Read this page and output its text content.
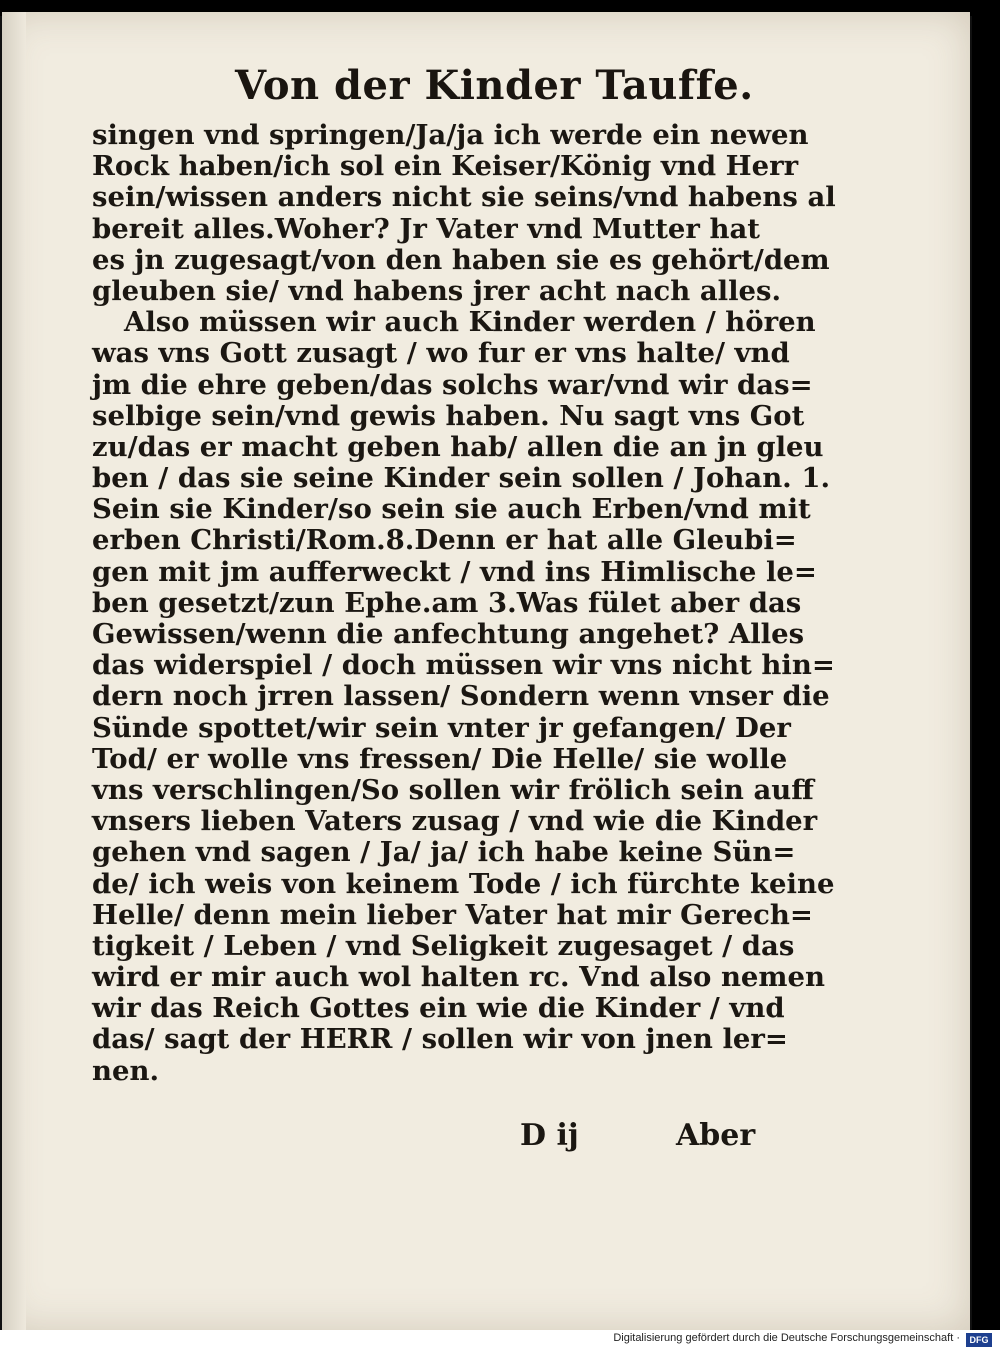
Von der Kinder Tauffe.
singen vnd springen/Ja/ja ich werde ein newen
Rock haben/ich sol ein Keiser/König vnd Herr
sein/wissen anders nicht sie seins/vnd habens al
bereit alles.Woher? Jr Vater vnd Mutter hat
es jn zugesagt/von den haben sie es gehört/dem
gleuben sie/ vnd habens jrer acht nach alles.
Also müssen wir auch Kinder werden / hören
was vns Gott zusagt / wo fur er vns halte/ vnd
jm die ehre geben/das solchs war/vnd wir das=
selbige sein/vnd gewis haben. Nu sagt vns Got
zu/das er macht geben hab/ allen die an jn gleu
ben / das sie seine Kinder sein sollen / Johan. 1.
Sein sie Kinder/so sein sie auch Erben/vnd mit
erben Christi/Rom.8.Denn er hat alle Gleubi=
gen mit jm aufferweckt / vnd ins Himlische le=
ben gesetzt/zun Ephe.am 3.Was fület aber das
Gewissen/wenn die anfechtung angehet? Alles
das widerspiel / doch müssen wir vns nicht hin=
dern noch jrren lassen/ Sondern wenn vnser die
Sünde spottet/wir sein vnter jr gefangen/ Der
Tod/ er wolle vns fressen/ Die Helle/ sie wolle
vns verschlingen/So sollen wir frölich sein auff
vnsers lieben Vaters zusag / vnd wie die Kinder
gehen vnd sagen / Ja/ ja/ ich habe keine Sün=
de/ ich weis von keinem Tode / ich fürchte keine
Helle/ denn mein lieber Vater hat mir Gerech=
tigkeit / Leben / vnd Seligkeit zugesaget / das
wird er mir auch wol halten rc. Vnd also nemen
wir das Reich Gottes ein wie die Kinder / vnd
das/ sagt der HERR / sollen wir von jnen ler=
nen.
D ij	Aber
Digitalisierung gefördert durch die Deutsche Forschungsgemeinschaft ·	DFG
